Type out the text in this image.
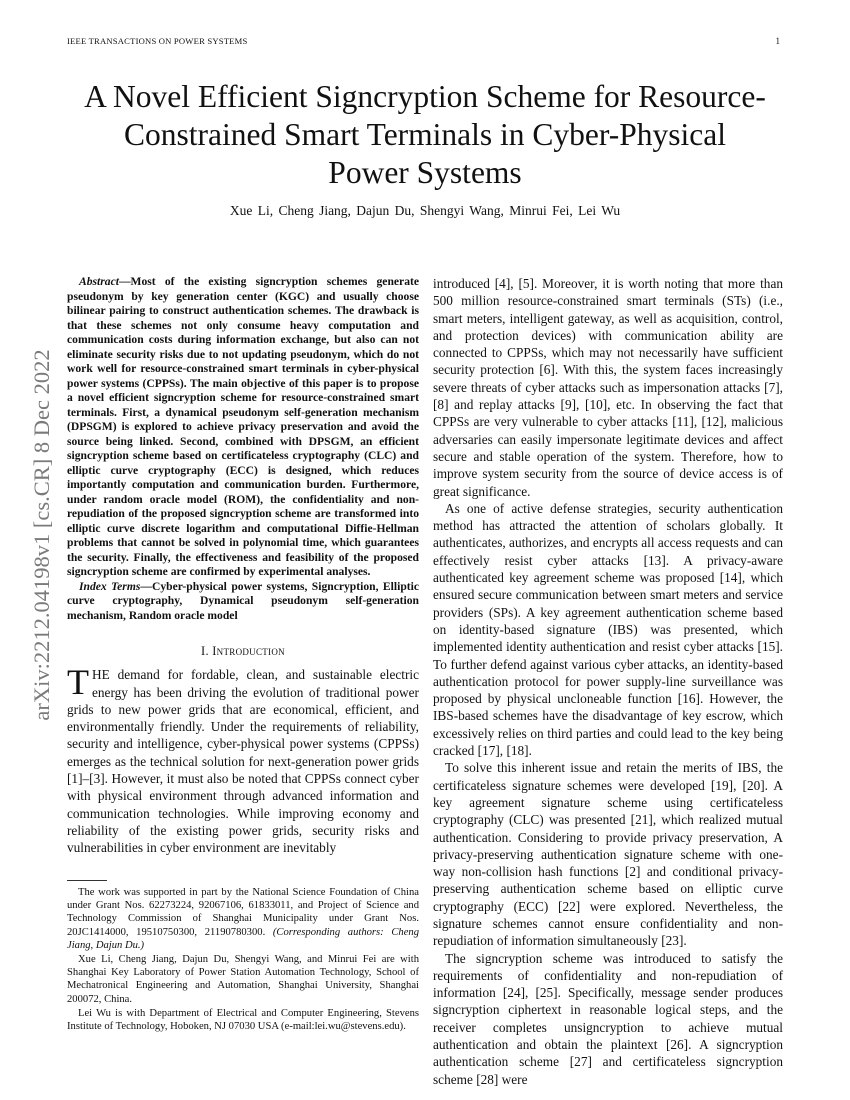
IEEE TRANSACTIONS ON POWER SYSTEMS	1
arXiv:2212.04198v1 [cs.CR] 8 Dec 2022
A Novel Efficient Signcryption Scheme for Resource-Constrained Smart Terminals in Cyber-Physical Power Systems
Xue Li, Cheng Jiang, Dajun Du, Shengyi Wang, Minrui Fei, Lei Wu

Abstract—Most of the existing signcryption schemes generate pseudonym by key generation center (KGC) and usually choose bilinear pairing to construct authentication schemes. The drawback is that these schemes not only consume heavy computation and communication costs during information exchange, but also can not eliminate security risks due to not updating pseudonym, which do not work well for resource-constrained smart terminals in cyber-physical power systems (CPPSs). The main objective of this paper is to propose a novel efficient signcryption scheme for resource-constrained smart terminals. First, a dynamical pseudonym self-generation mechanism (DPSGM) is explored to achieve privacy preservation and avoid the source being linked. Second, combined with DPSGM, an efficient signcryption scheme based on certificateless cryptography (CLC) and elliptic curve cryptography (ECC) is designed, which reduces importantly computation and communication burden. Furthermore, under random oracle model (ROM), the confidentiality and non-repudiation of the proposed signcryption scheme are transformed into elliptic curve discrete logarithm and computational Diffie-Hellman problems that cannot be solved in polynomial time, which guarantees the security. Finally, the effectiveness and feasibility of the proposed signcryption scheme are confirmed by experimental analyses.

Index Terms—Cyber-physical power systems, Signcryption, Elliptic curve cryptography, Dynamical pseudonym self-generation mechanism, Random oracle model

I. Introduction

THE demand for fordable, clean, and sustainable electric energy has been driving the evolution of traditional power grids to new power grids that are economical, efficient, and environmentally friendly. Under the requirements of reliability, security and intelligence, cyber-physical power systems (CPPSs) emerges as the technical solution for next-generation power grids [1]–[3]. However, it must also be noted that CPPSs connect cyber with physical environment through advanced information and communication technologies. While improving economy and reliability of the existing power grids, security risks and vulnerabilities in cyber environment are inevitably

The work was supported in part by the National Science Foundation of China under Grant Nos. 62273224, 92067106, 61833011, and Project of Science and Technology Commission of Shanghai Municipality under Grant Nos. 20JC1414000, 19510750300, 21190780300. (Corresponding authors: Cheng Jiang, Dajun Du.)

Xue Li, Cheng Jiang, Dajun Du, Shengyi Wang, and Minrui Fei are with Shanghai Key Laboratory of Power Station Automation Technology, School of Mechatronical Engineering and Automation, Shanghai University, Shanghai 200072, China.

Lei Wu is with Department of Electrical and Computer Engineering, Stevens Institute of Technology, Hoboken, NJ 07030 USA (e-mail:lei.wu@stevens.edu).

introduced [4], [5]. Moreover, it is worth noting that more than 500 million resource-constrained smart terminals (STs) (i.e., smart meters, intelligent gateway, as well as acquisition, control, and protection devices) with communication ability are connected to CPPSs, which may not necessarily have sufficient security protection [6]. With this, the system faces increasingly severe threats of cyber attacks such as impersonation attacks [7], [8] and replay attacks [9], [10], etc. In observing the fact that CPPSs are very vulnerable to cyber attacks [11], [12], malicious adversaries can easily impersonate legitimate devices and affect secure and stable operation of the system. Therefore, how to improve system security from the source of device access is of great significance.

As one of active defense strategies, security authentication method has attracted the attention of scholars globally. It authenticates, authorizes, and encrypts all access requests and can effectively resist cyber attacks [13]. A privacy-aware authenticated key agreement scheme was proposed [14], which ensured secure communication between smart meters and service providers (SPs). A key agreement authentication scheme based on identity-based signature (IBS) was presented, which implemented identity authentication and resist cyber attacks [15]. To further defend against various cyber attacks, an identity-based authentication protocol for power supply-line surveillance was proposed by physical uncloneable function [16]. However, the IBS-based schemes have the disadvantage of key escrow, which excessively relies on third parties and could lead to the key being cracked [17], [18].

To solve this inherent issue and retain the merits of IBS, the certificateless signature schemes were developed [19], [20]. A key agreement signature scheme using certificateless cryptography (CLC) was presented [21], which realized mutual authentication. Considering to provide privacy preservation, A privacy-preserving authentication signature scheme with one-way non-collision hash functions [2] and conditional privacy-preserving authentication scheme based on elliptic curve cryptography (ECC) [22] were explored. Nevertheless, the signature schemes cannot ensure confidentiality and non-repudiation of information simultaneously [23].

The signcryption scheme was introduced to satisfy the requirements of confidentiality and non-repudiation of information [24], [25]. Specifically, message sender produces signcryption ciphertext in reasonable logical steps, and the receiver completes unsigncryption to achieve mutual authentication and obtain the plaintext [26]. A signcryption authentication scheme [27] and certificateless signcryption scheme [28] were
